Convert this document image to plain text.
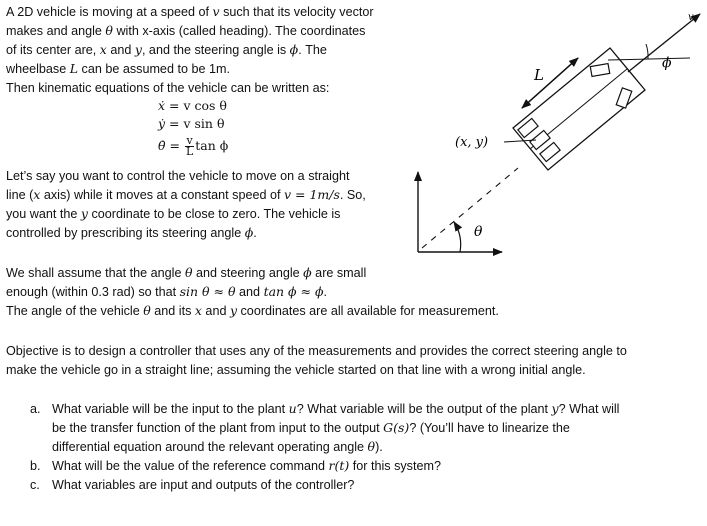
A 2D vehicle is moving at a speed of v such that its velocity vector
makes and angle θ with x-axis (called heading). The coordinates
of its center are, x and y, and the steering angle is ϕ. The
wheelbase L can be assumed to be 1m.
Then kinematic equations of the vehicle can be written as:
ẋ = v cos θ
ẏ = v sin θ
θ̇ = $\frac{v}{L}$ tan ϕ
Let’s say you want to control the vehicle to move on a straight
line (x axis) while it moves at a constant speed of v = 1m/s. So,
you want the y coordinate to be close to zero. The vehicle is
controlled by prescribing its steering angle ϕ.
We shall assume that the angle θ and steering angle ϕ are small
enough (within 0.3 rad) so that sin θ ≈ θ and tan ϕ ≈ ϕ.
The angle of the vehicle θ and its x and y coordinates are all available for measurement.
Objective is to design a controller that uses any of the measurements and provides the correct steering angle to
make the vehicle go in a straight line; assuming the vehicle started on that line with a wrong initial angle.
a. What variable will be the input to the plant u? What variable will be the output of the plant y? What will
be the transfer function of the plant from input to the output G(s)? (You’ll have to linearize the
differential equation around the relevant operating angle θ).
b. What will be the value of the reference command r(t) for this system?
c. What variables are input and outputs of the controller?
θ
L
v
ϕ
(x, y)
